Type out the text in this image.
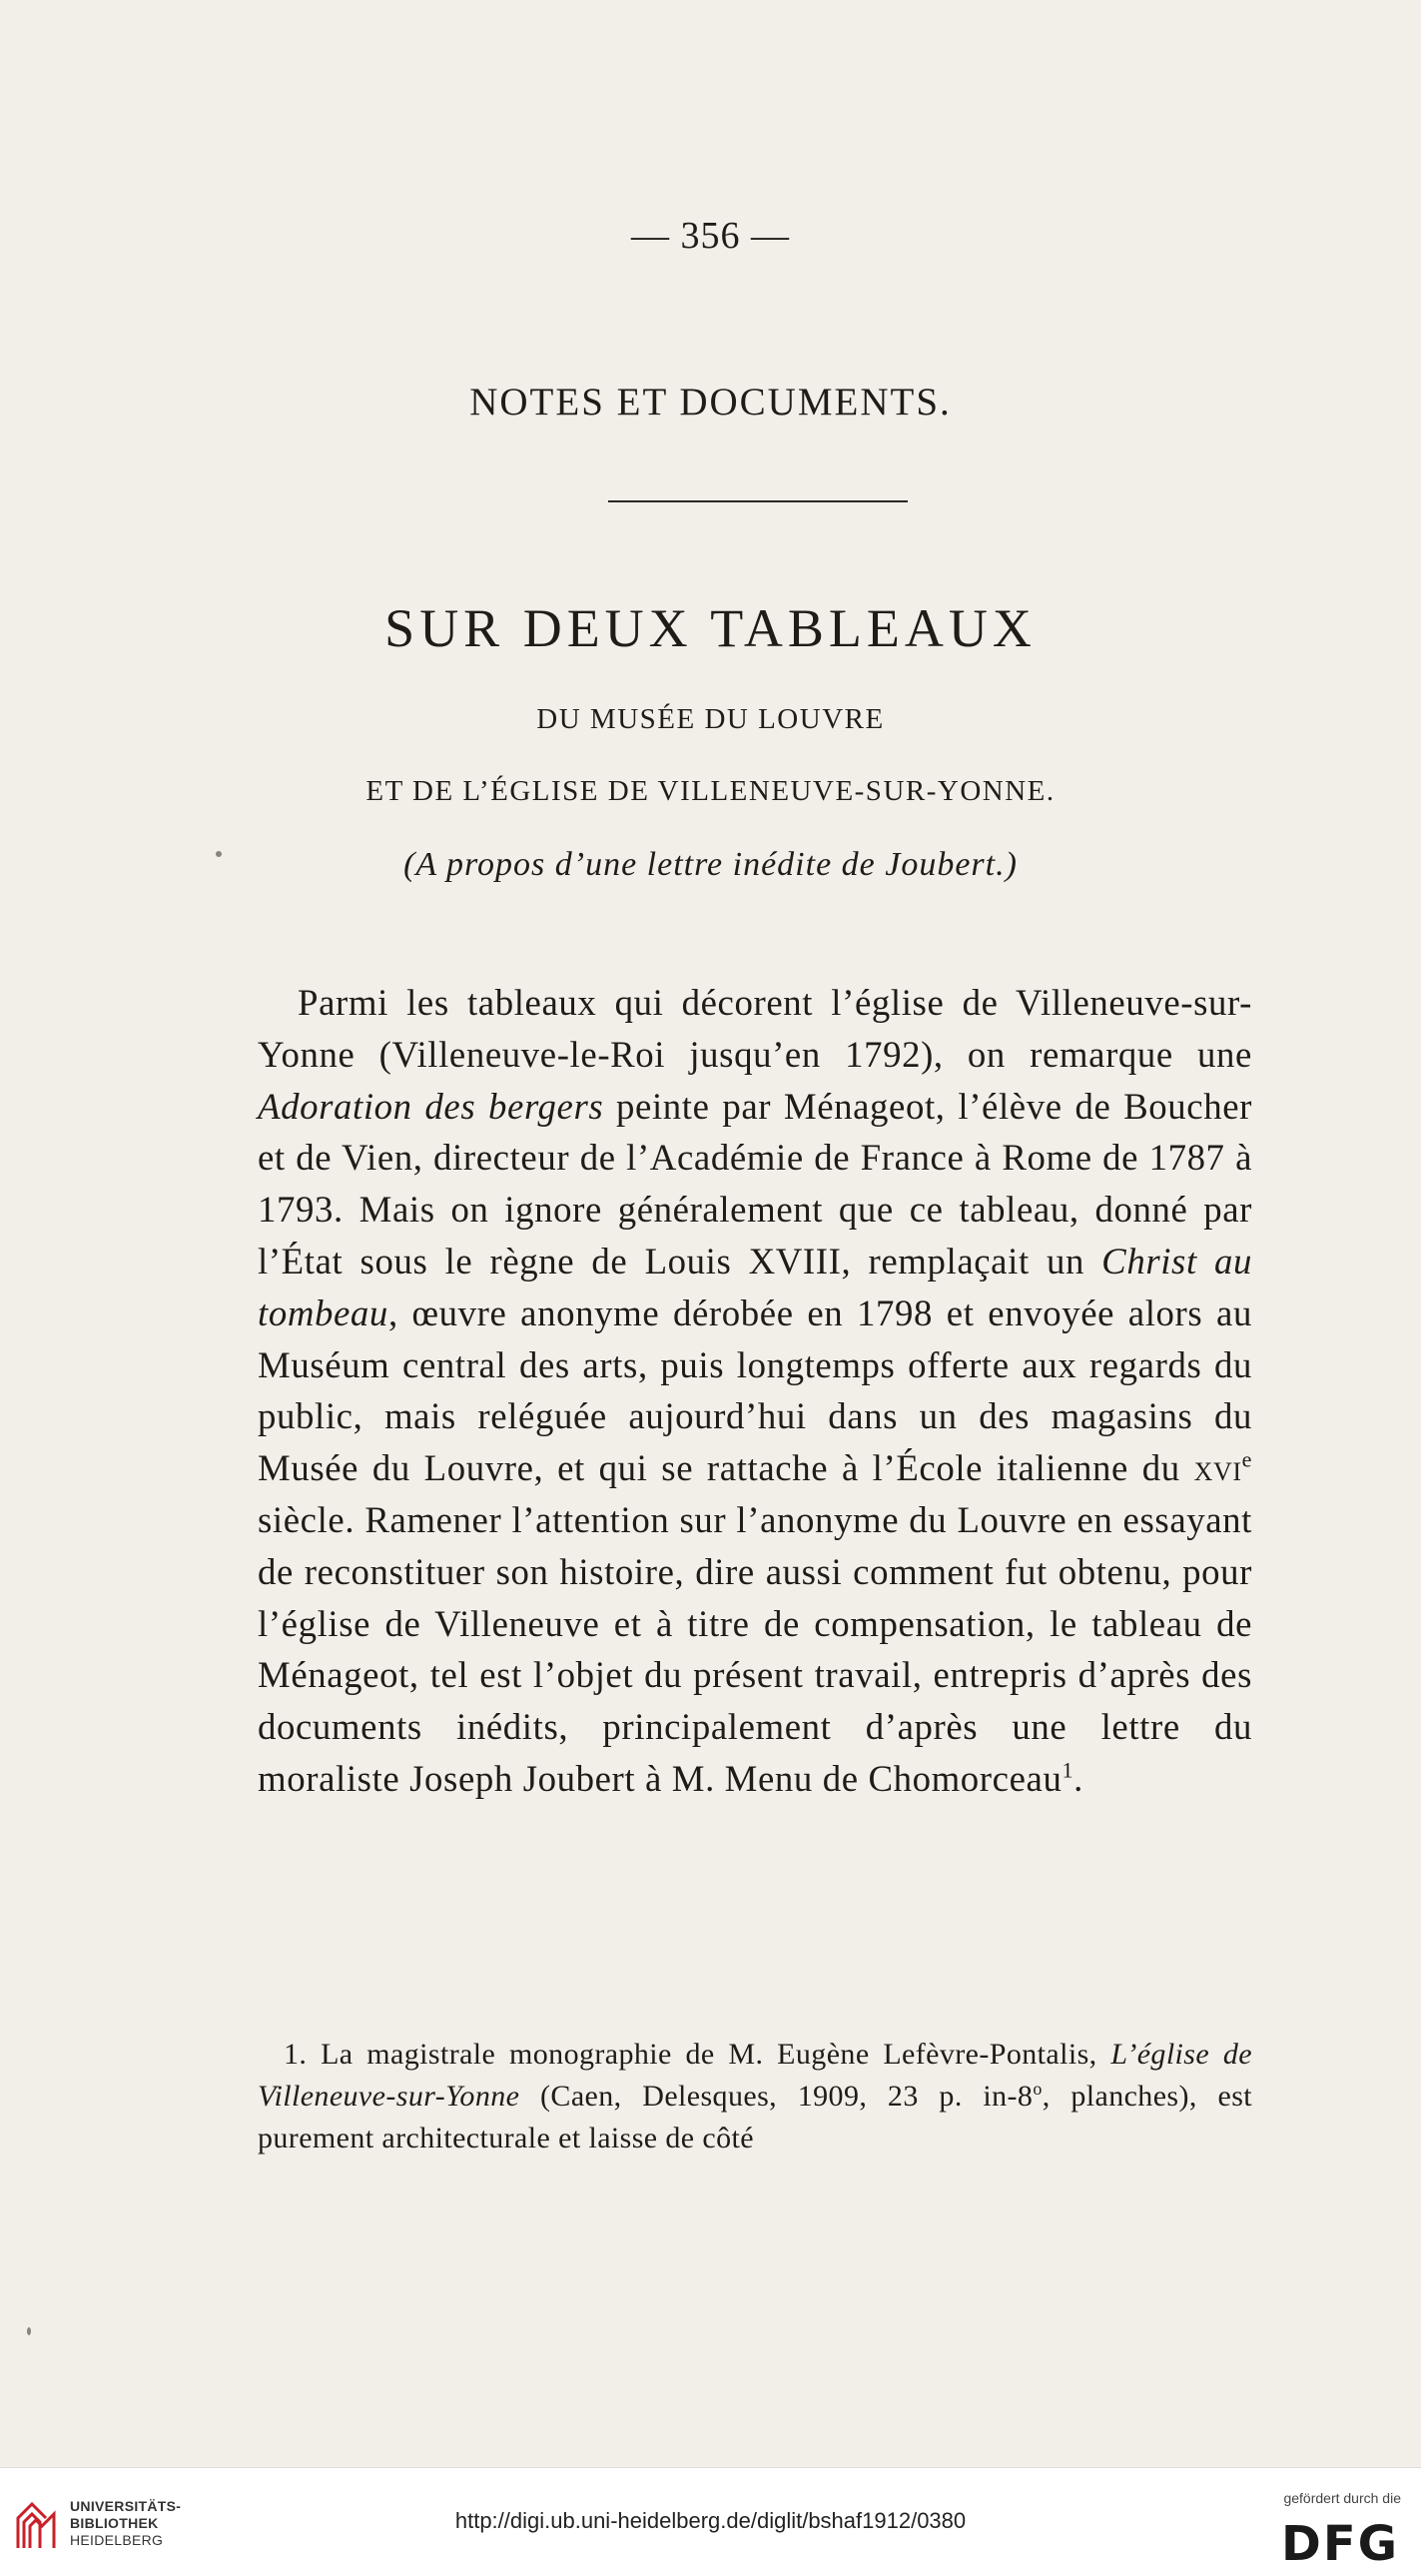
— 356 —
NOTES ET DOCUMENTS.
SUR DEUX TABLEAUX
DU MUSÉE DU LOUVRE
ET DE L’ÉGLISE DE VILLENEUVE-SUR-YONNE.
(A propos d’une lettre inédite de Joubert.)
Parmi les tableaux qui décorent l’église de Villeneuve-sur-Yonne (Villeneuve-le-Roi jusqu’en 1792), on remarque une Adoration des bergers peinte par Ménageot, l’élève de Boucher et de Vien, directeur de l’Académie de France à Rome de 1787 à 1793. Mais on ignore généralement que ce tableau, donné par l’État sous le règne de Louis XVIII, remplaçait un Christ au tombeau, œuvre anonyme dérobée en 1798 et envoyée alors au Muséum central des arts, puis longtemps offerte aux regards du public, mais reléguée aujourd’hui dans un des magasins du Musée du Louvre, et qui se rattache à l’École italienne du xvi$^e$ siècle. Ramener l’attention sur l’anonyme du Louvre en essayant de reconstituer son histoire, dire aussi comment fut obtenu, pour l’église de Villeneuve et à titre de compensation, le tableau de Ménageot, tel est l’objet du présent travail, entrepris d’après des documents inédits, principalement d’après une lettre du moraliste Joseph Joubert à M. Menu de Chomorceau$^1$.
1. La magistrale monographie de M. Eugène Lefèvre-Pontalis, L’église de Villeneuve-sur-Yonne (Caen, Delesques, 1909, 23 p. in-8$^o$, planches), est purement architecturale et laisse de côté
UNIVERSITÄTS-
BIBLIOTHEK
HEIDELBERG
http://digi.ub.uni-heidelberg.de/diglit/bshaf1912/0380
gefördert durch die
DFG
